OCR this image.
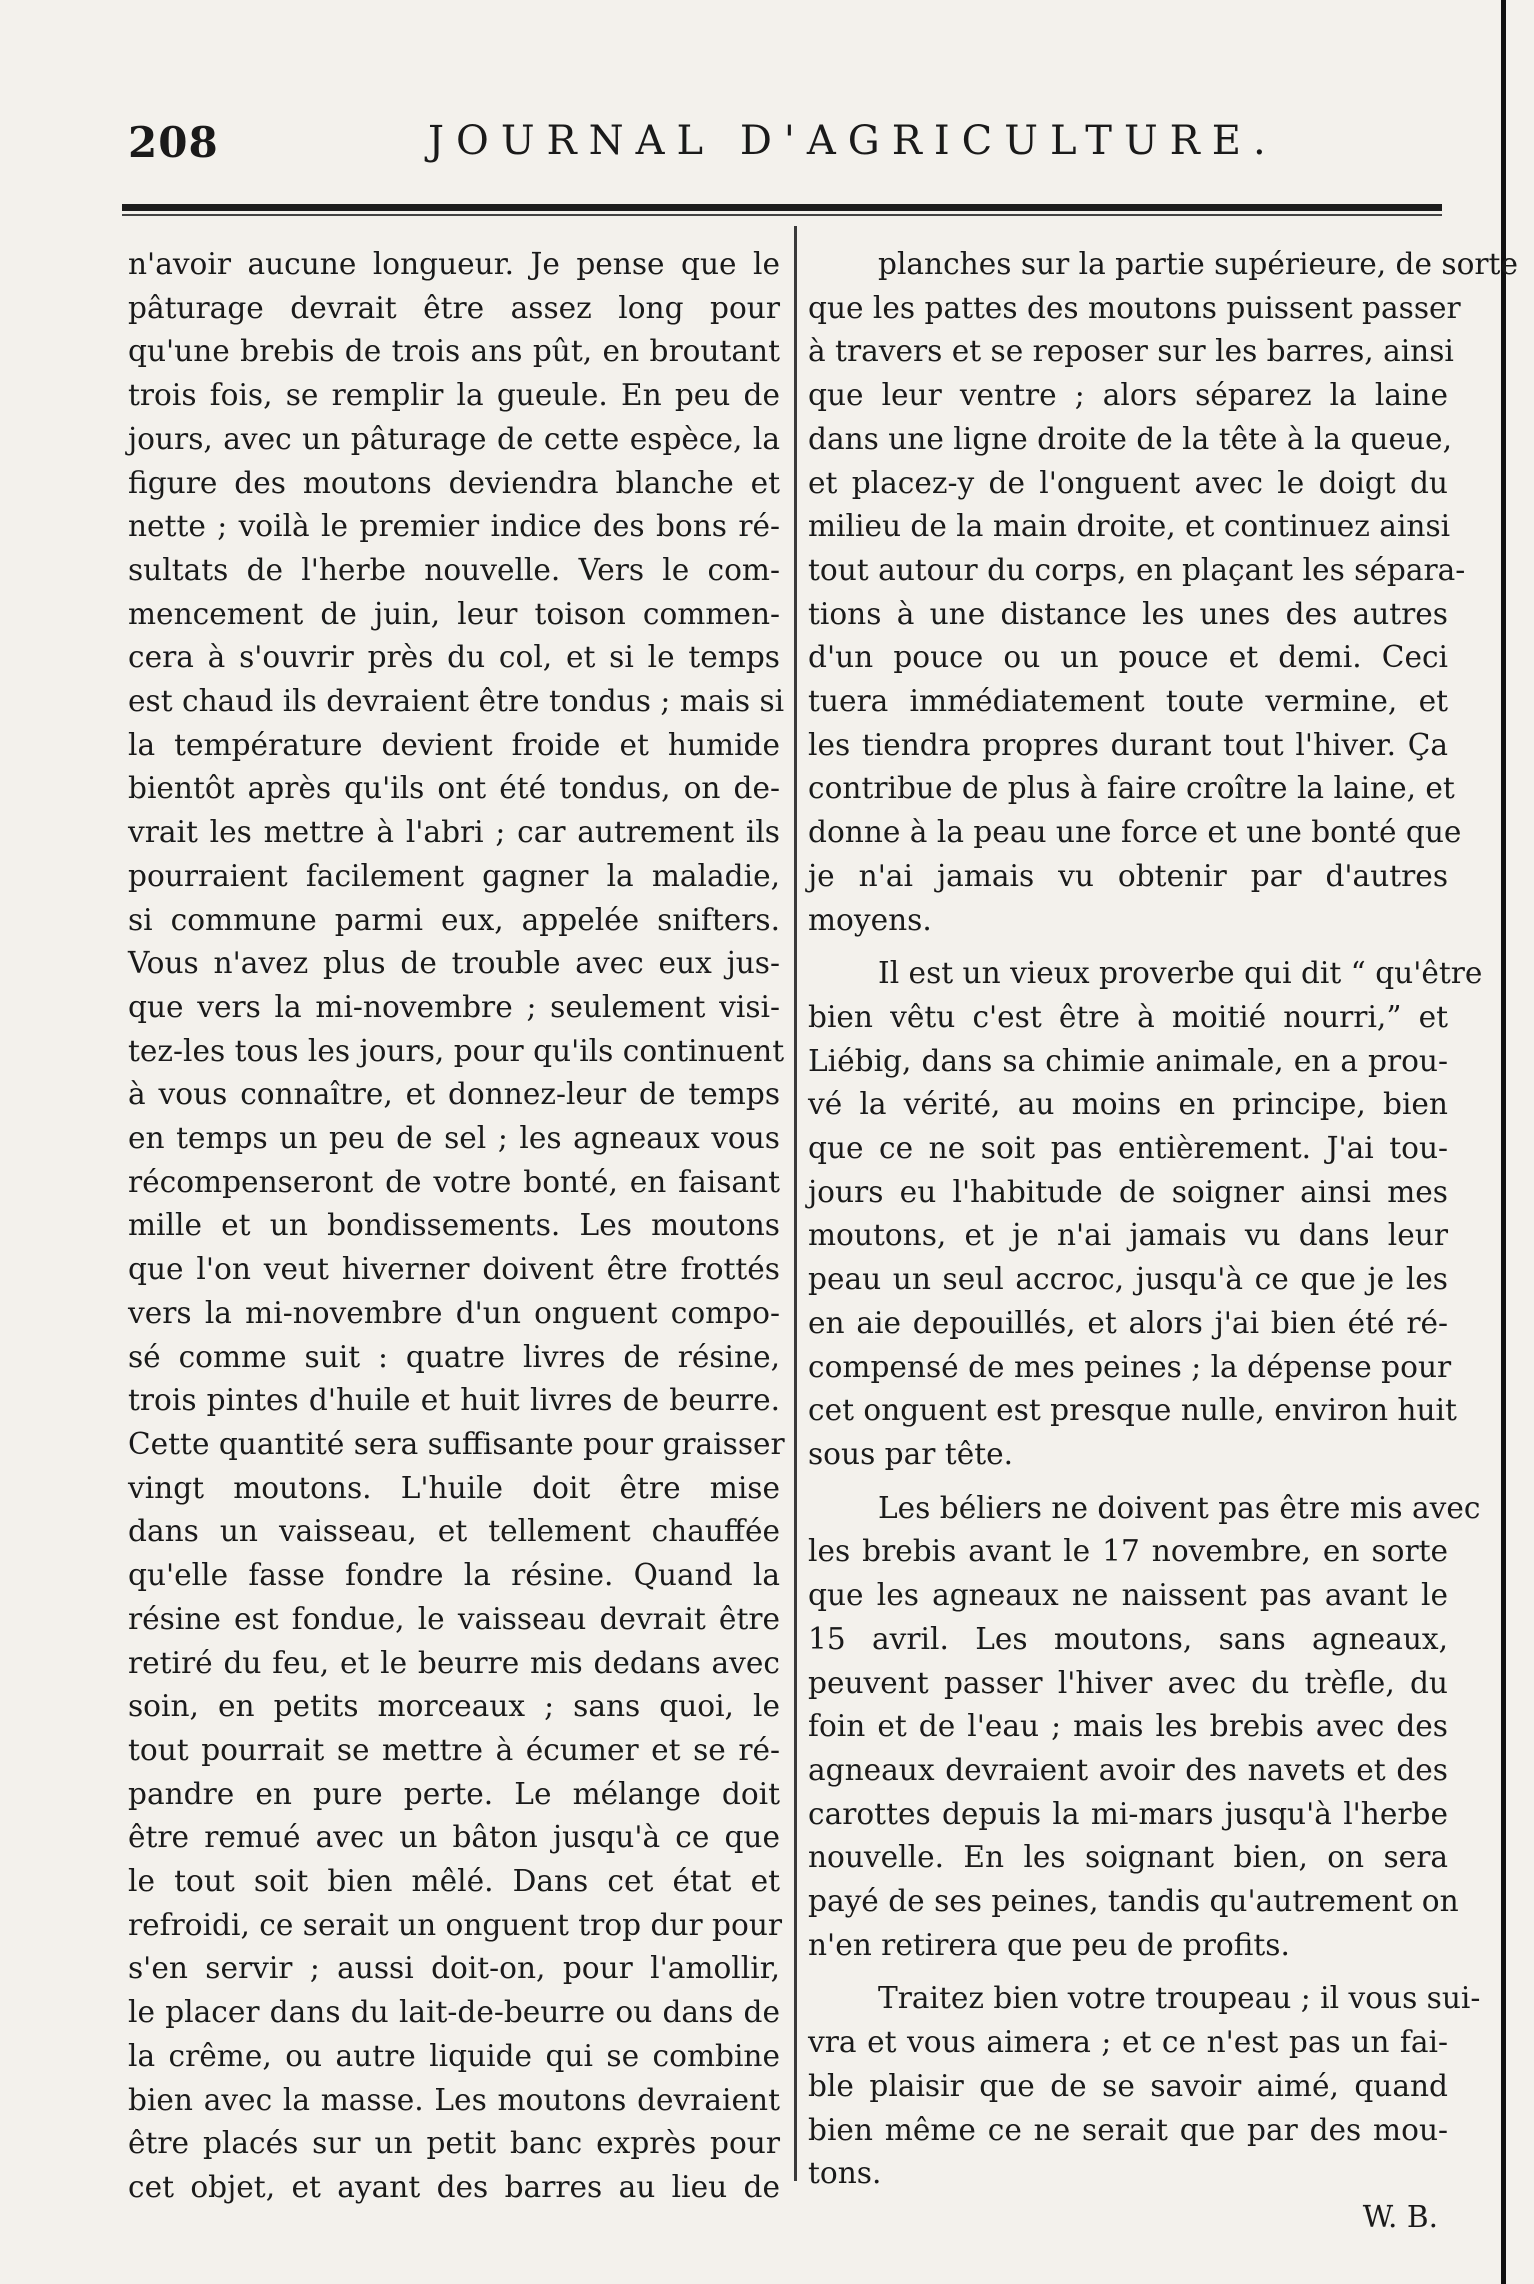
208	JOURNAL D'AGRICULTURE.
n'avoir aucune longueur. Je pense que le
pâturage devrait être assez long pour
qu'une brebis de trois ans pût, en broutant
trois fois, se remplir la gueule. En peu de
jours, avec un pâturage de cette espèce, la
figure des moutons deviendra blanche et
nette ; voilà le premier indice des bons ré-
sultats de l'herbe nouvelle. Vers le com-
mencement de juin, leur toison commen-
cera à s'ouvrir près du col, et si le temps
est chaud ils devraient être tondus ; mais si
la température devient froide et humide
bientôt après qu'ils ont été tondus, on de-
vrait les mettre à l'abri ; car autrement ils
pourraient facilement gagner la maladie,
si commune parmi eux, appelée snifters.
Vous n'avez plus de trouble avec eux jus-
que vers la mi-novembre ; seulement visi-
tez-les tous les jours, pour qu'ils continuent
à vous connaître, et donnez-leur de temps
en temps un peu de sel ; les agneaux vous
récompenseront de votre bonté, en faisant
mille et un bondissements. Les moutons
que l'on veut hiverner doivent être frottés
vers la mi-novembre d'un onguent compo-
sé comme suit : quatre livres de résine,
trois pintes d'huile et huit livres de beurre.
Cette quantité sera suffisante pour graisser
vingt moutons. L'huile doit être mise
dans un vaisseau, et tellement chauffée
qu'elle fasse fondre la résine. Quand la
résine est fondue, le vaisseau devrait être
retiré du feu, et le beurre mis dedans avec
soin, en petits morceaux ; sans quoi, le
tout pourrait se mettre à écumer et se ré-
pandre en pure perte. Le mélange doit
être remué avec un bâton jusqu'à ce que
le tout soit bien mêlé. Dans cet état et
refroidi, ce serait un onguent trop dur pour
s'en servir ; aussi doit-on, pour l'amollir,
le placer dans du lait-de-beurre ou dans de
la crême, ou autre liquide qui se combine
bien avec la masse. Les moutons devraient
être placés sur un petit banc exprès pour
cet objet, et ayant des barres au lieu de
planches sur la partie supérieure, de sorte
que les pattes des moutons puissent passer
à travers et se reposer sur les barres, ainsi
que leur ventre ; alors séparez la laine
dans une ligne droite de la tête à la queue,
et placez-y de l'onguent avec le doigt du
milieu de la main droite, et continuez ainsi
tout autour du corps, en plaçant les sépara-
tions à une distance les unes des autres
d'un pouce ou un pouce et demi. Ceci
tuera immédiatement toute vermine, et
les tiendra propres durant tout l'hiver. Ça
contribue de plus à faire croître la laine, et
donne à la peau une force et une bonté que
je n'ai jamais vu obtenir par d'autres
moyens.
Il est un vieux proverbe qui dit “ qu'être
bien vêtu c'est être à moitié nourri,” et
Liébig, dans sa chimie animale, en a prou-
vé la vérité, au moins en principe, bien
que ce ne soit pas entièrement. J'ai tou-
jours eu l'habitude de soigner ainsi mes
moutons, et je n'ai jamais vu dans leur
peau un seul accroc, jusqu'à ce que je les
en aie depouillés, et alors j'ai bien été ré-
compensé de mes peines ; la dépense pour
cet onguent est presque nulle, environ huit
sous par tête.
Les béliers ne doivent pas être mis avec
les brebis avant le 17 novembre, en sorte
que les agneaux ne naissent pas avant le
15 avril. Les moutons, sans agneaux,
peuvent passer l'hiver avec du trèfle, du
foin et de l'eau ; mais les brebis avec des
agneaux devraient avoir des navets et des
carottes depuis la mi-mars jusqu'à l'herbe
nouvelle. En les soignant bien, on sera
payé de ses peines, tandis qu'autrement on
n'en retirera que peu de profits.
Traitez bien votre troupeau ; il vous sui-
vra et vous aimera ; et ce n'est pas un fai-
ble plaisir que de se savoir aimé, quand
bien même ce ne serait que par des mou-
tons.
W. B.
